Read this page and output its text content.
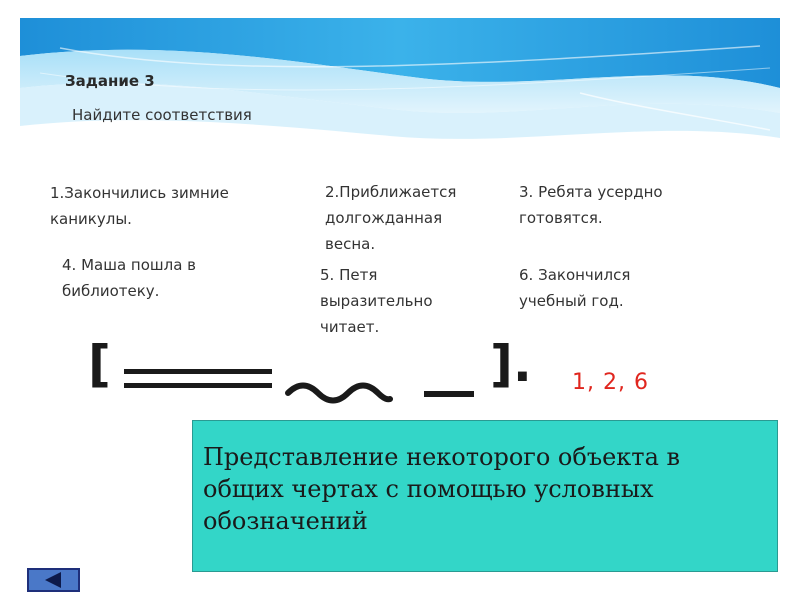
Задание 3
Найдите соответствия
1.Закончились зимние каникулы.
2.Приближается долгожданная весна.
3. Ребята усердно готовятся.
4. Маша пошла в библиотеку.
5. Петя выразительно читает.
6. Закончился учебный год.
[	]. 1, 2, 6
Представление некоторого объекта в общих чертах с помощью условных обозначений
